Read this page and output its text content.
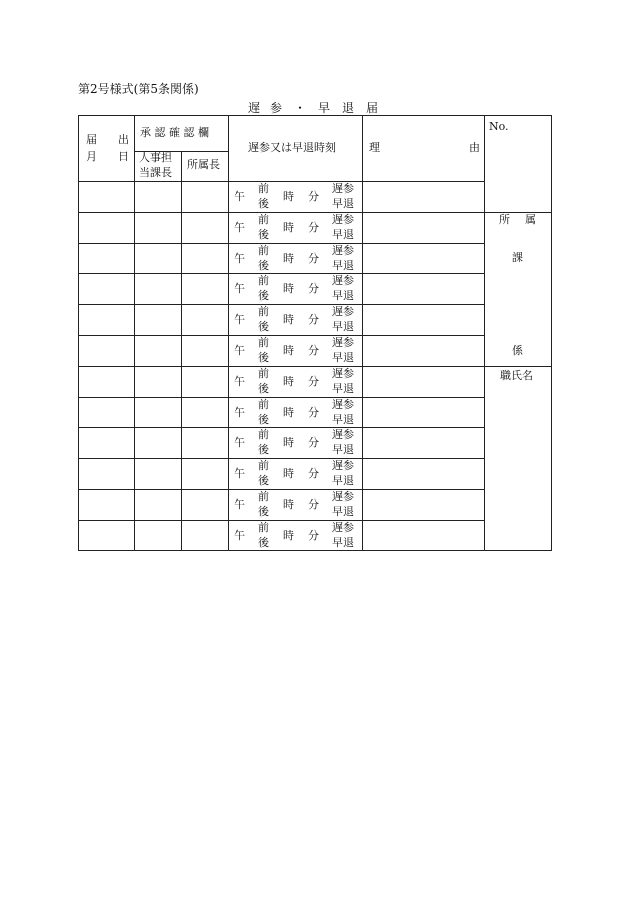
第2号様式(第5条関係)
遅 参 ・ 早 退 届
届 出
月 日
承 認 確 認 欄
人事担
当課長
所属長
遅参又は早退時刻	理	由
No.
所 属
課
係
職氏名
午
前
後
時 分
遅参
早退
午
前
後
時 分
遅参
早退
午
前
後
時 分
遅参
早退
午
前
後
時 分
遅参
早退
午
前
後
時 分
遅参
早退
午
前
後
時 分
遅参
早退
午
前
後
時 分
遅参
早退
午
前
後
時 分
遅参
早退
午
前
後
時 分
遅参
早退
午
前
後
時 分
遅参
早退
午
前
後
時 分
遅参
早退
午
前
後
時 分
遅参
早退
